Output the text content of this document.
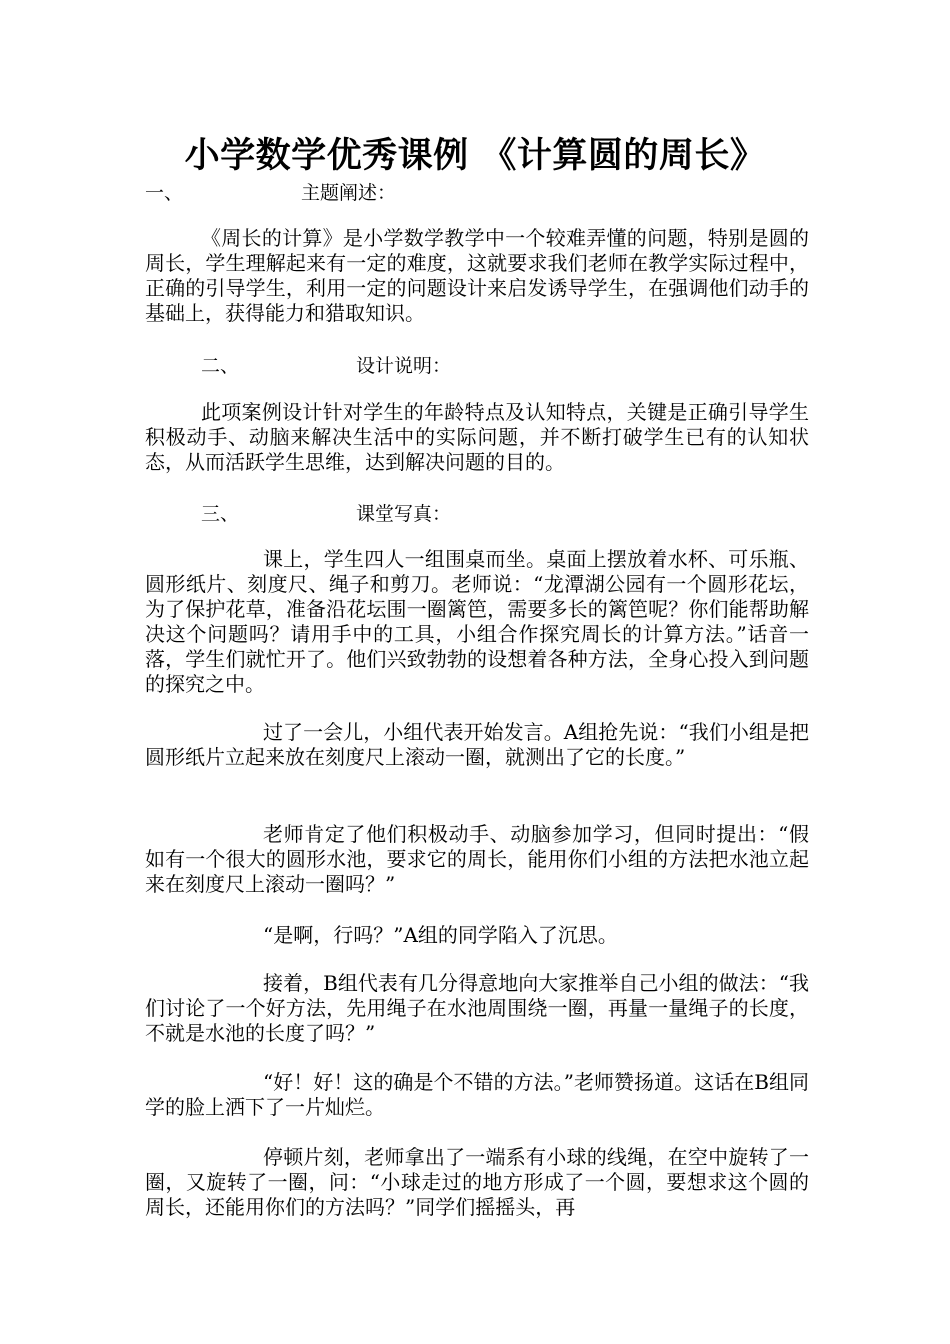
小学数学优秀课例 《计算圆的周长》
一、	主题阐述：
《周长的计算》是小学数学教学中一个较难弄懂的问题，特别是圆的周长，学生理解起来有一定的难度，这就要求我们老师在教学实际过程中，正确的引导学生，利用一定的问题设计来启发诱导学生，在强调他们动手的基础上，获得能力和猎取知识。
二、	设计说明：
此项案例设计针对学生的年龄特点及认知特点，关键是正确引导学生积极动手、动脑来解决生活中的实际问题，并不断打破学生已有的认知状态，从而活跃学生思维，达到解决问题的目的。
三、	课堂写真：
课上，学生四人一组围桌而坐。桌面上摆放着水杯、可乐瓶、圆形纸片、刻度尺、绳子和剪刀。老师说：“龙潭湖公园有一个圆形花坛，为了保护花草，准备沿花坛围一圈篱笆，需要多长的篱笆呢？你们能帮助解决这个问题吗？请用手中的工具，小组合作探究周长的计算方法。”话音一落，学生们就忙开了。他们兴致勃勃的设想着各种方法，全身心投入到问题的探究之中。
过了一会儿，小组代表开始发言。A组抢先说：“我们小组是把圆形纸片立起来放在刻度尺上滚动一圈，就测出了它的长度。”
老师肯定了他们积极动手、动脑参加学习，但同时提出：“假如有一个很大的圆形水池，要求它的周长，能用你们小组的方法把水池立起来在刻度尺上滚动一圈吗？”
“是啊，行吗？”A组的同学陷入了沉思。
接着，B组代表有几分得意地向大家推举自己小组的做法：“我们讨论了一个好方法，先用绳子在水池周围绕一圈，再量一量绳子的长度，不就是水池的长度了吗？”
“好！好！这的确是个不错的方法。”老师赞扬道。这话在B组同学的脸上洒下了一片灿烂。
停顿片刻，老师拿出了一端系有小球的线绳，在空中旋转了一圈，又旋转了一圈，问：“小球走过的地方形成了一个圆，要想求这个圆的周长，还能用你们的方法吗？”同学们摇摇头，再
